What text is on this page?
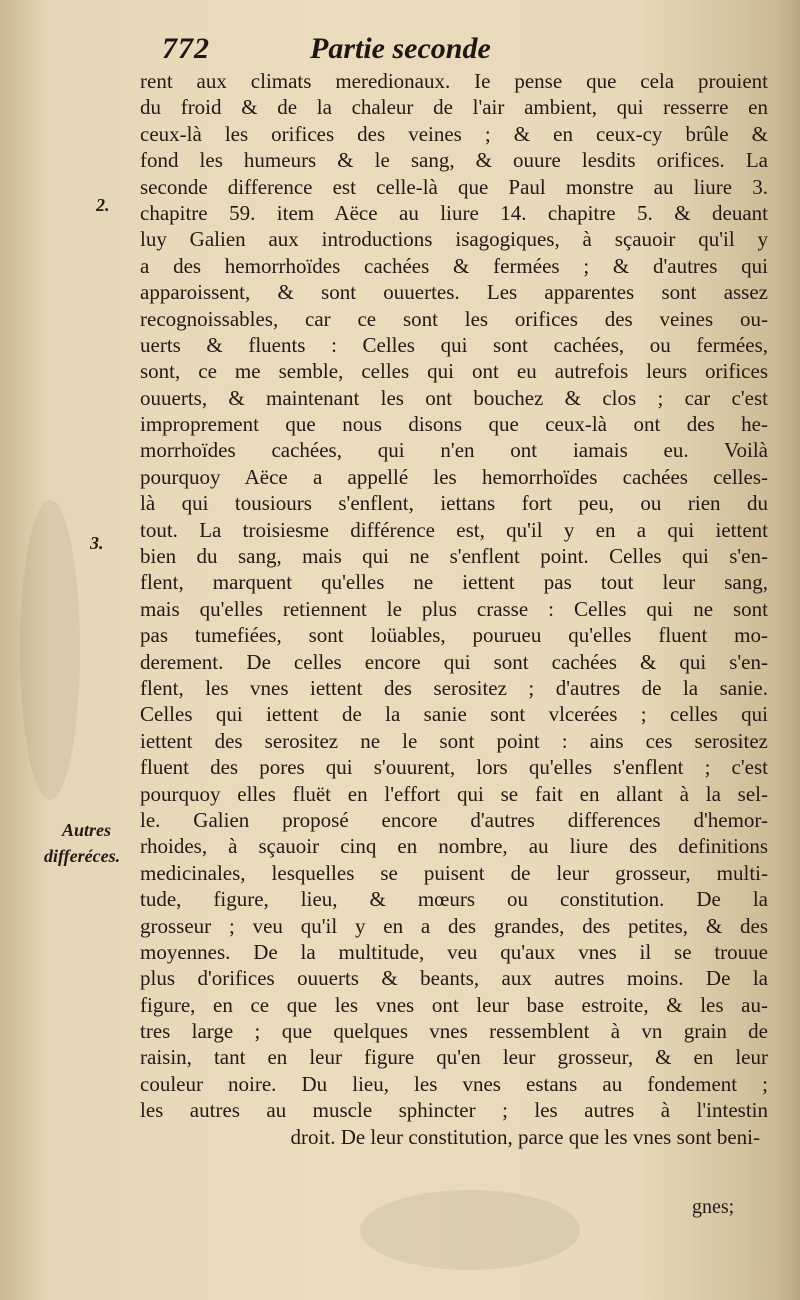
772	Partie seconde
2.
3.
Autres
differéces.
rent aux climats meredionaux. Ie pense que cela prouient
du froid & de la chaleur de l'air ambient, qui resserre en
ceux-là les orifices des veines ; & en ceux-cy brûle &
fond les humeurs & le sang, & ouure lesdits orifices. La
seconde difference est celle-là que Paul monstre au liure 3.
chapitre 59. item Aëce au liure 14. chapitre 5. & deuant
luy Galien aux introductions isagogiques, à sçauoir qu'il y
a des hemorrhoïdes cachées & fermées ; & d'autres qui
apparoissent, & sont ouuertes. Les apparentes sont assez
recognoissables, car ce sont les orifices des veines ou-
uerts & fluents : Celles qui sont cachées, ou fermées,
sont, ce me semble, celles qui ont eu autrefois leurs orifices
ouuerts, & maintenant les ont bouchez & clos ; car c'est
improprement que nous disons que ceux-là ont des he-
morrhoïdes cachées, qui n'en ont iamais eu. Voilà
pourquoy Aëce a appellé les hemorrhoïdes cachées celles-
là qui tousiours s'enflent, iettans fort peu, ou rien du
tout. La troisiesme différence est, qu'il y en a qui iettent
bien du sang, mais qui ne s'enflent point. Celles qui s'en-
flent, marquent qu'elles ne iettent pas tout leur sang,
mais qu'elles retiennent le plus crasse : Celles qui ne sont
pas tumefiées, sont loüables, pourueu qu'elles fluent mo-
derement. De celles encore qui sont cachées & qui s'en-
flent, les vnes iettent des serositez ; d'autres de la sanie.
Celles qui iettent de la sanie sont vlcerées ; celles qui
iettent des serositez ne le sont point : ains ces serositez
fluent des pores qui s'ouurent, lors qu'elles s'enflent ; c'est
pourquoy elles fluët en l'effort qui se fait en allant à la sel-
le. Galien proposé encore d'autres differences d'hemor-
rhoides, à sçauoir cinq en nombre, au liure des definitions
medicinales, lesquelles se puisent de leur grosseur, multi-
tude, figure, lieu, & mœurs ou constitution. De la
grosseur ; veu qu'il y en a des grandes, des petites, & des
moyennes. De la multitude, veu qu'aux vnes il se trouue
plus d'orifices ouuerts & beants, aux autres moins. De la
figure, en ce que les vnes ont leur base estroite, & les au-
tres large ; que quelques vnes ressemblent à vn grain de
raisin, tant en leur figure qu'en leur grosseur, & en leur
couleur noire. Du lieu, les vnes estans au fondement ;
les autres au muscle sphincter ; les autres à l'intestin
droit. De leur constitution, parce que les vnes sont beni-
gnes;
